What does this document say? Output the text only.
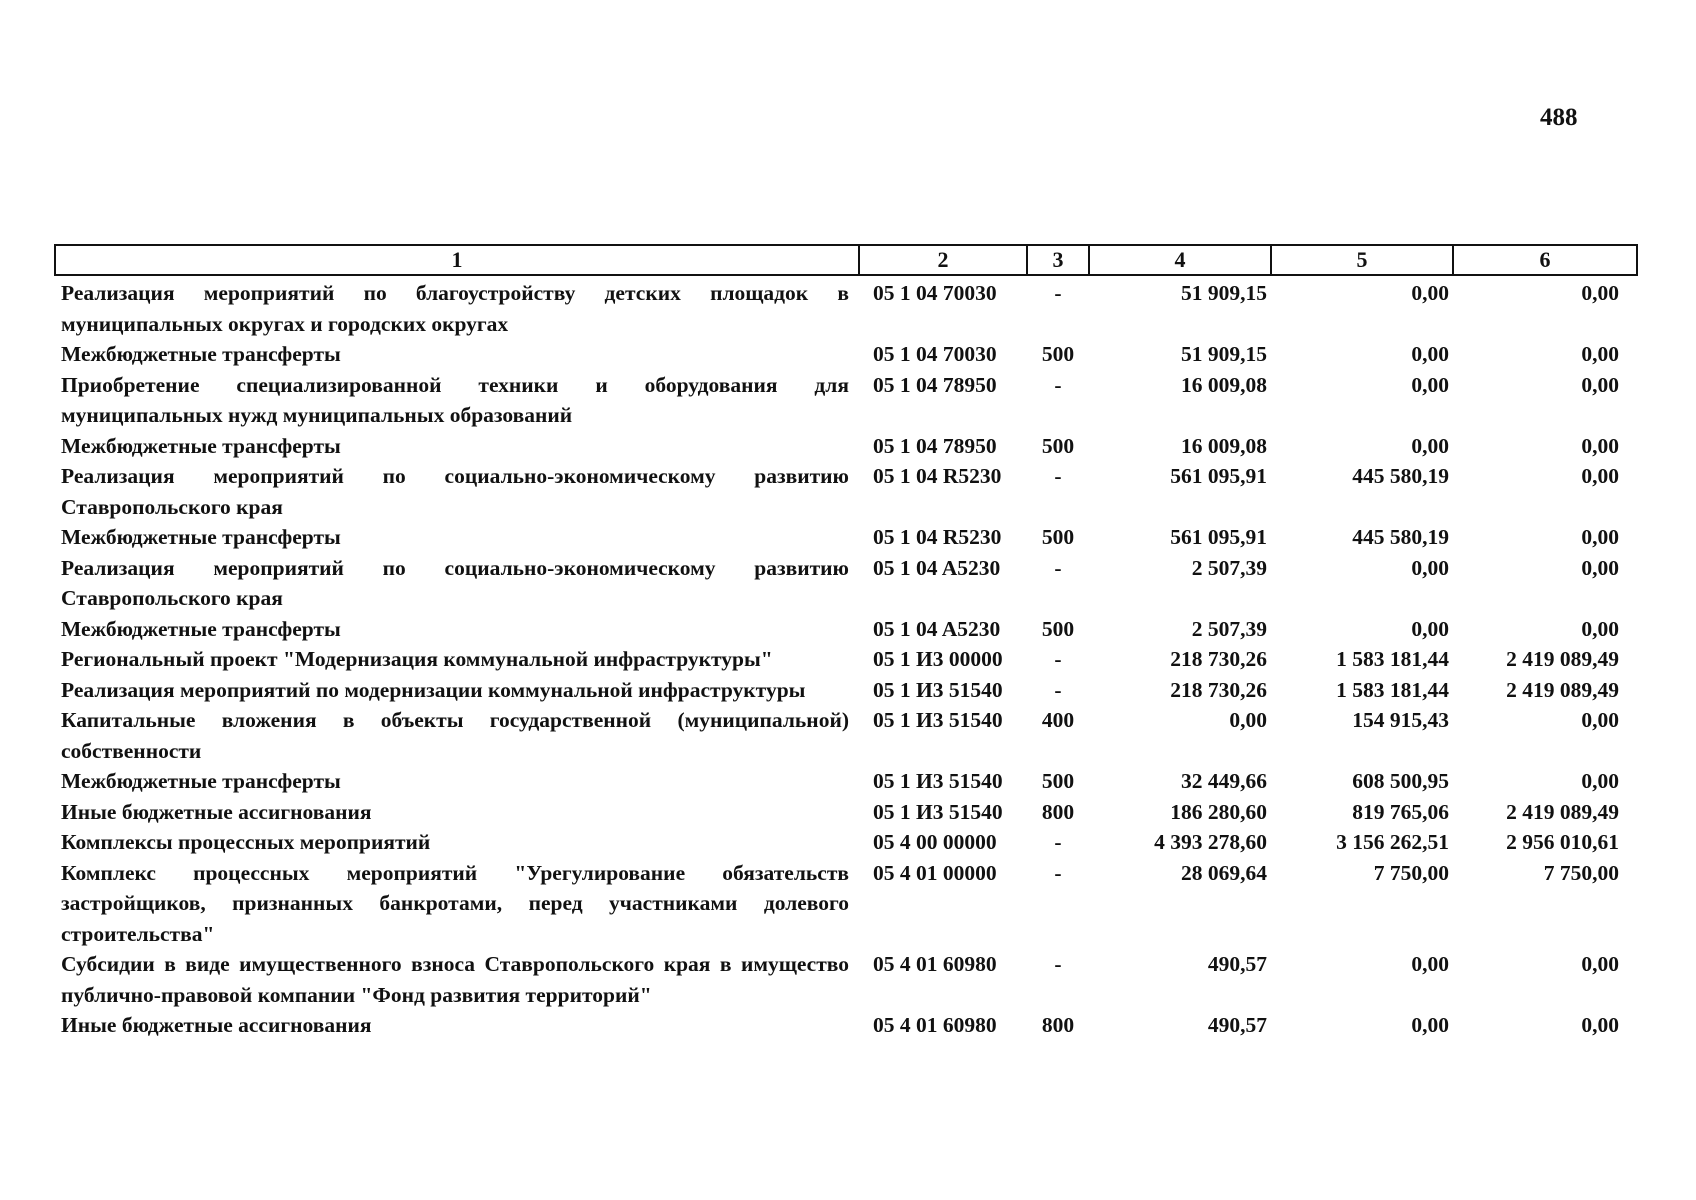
488
1	2	3	4	5	6
Реализация мероприятий по благоустройству детских площадок в муниципальных округах и городских округах	05 1 04 70030	-	51 909,15	0,00	0,00
Межбюджетные трансферты	05 1 04 70030	500	51 909,15	0,00	0,00
Приобретение специализированной техники и оборудования для муниципальных нужд муниципальных образований	05 1 04 78950	-	16 009,08	0,00	0,00
Межбюджетные трансферты	05 1 04 78950	500	16 009,08	0,00	0,00
Реализация мероприятий по социально-экономическому развитию Ставропольского края	05 1 04 R5230	-	561 095,91	445 580,19	0,00
Межбюджетные трансферты	05 1 04 R5230	500	561 095,91	445 580,19	0,00
Реализация мероприятий по социально-экономическому развитию Ставропольского края	05 1 04 A5230	-	2 507,39	0,00	0,00
Межбюджетные трансферты	05 1 04 A5230	500	2 507,39	0,00	0,00
Региональный проект "Модернизация коммунальной инфраструктуры"	05 1 И3 00000	-	218 730,26	1 583 181,44	2 419 089,49
Реализация мероприятий по модернизации коммунальной инфраструктуры	05 1 И3 51540	-	218 730,26	1 583 181,44	2 419 089,49
Капитальные вложения в объекты государственной (муниципальной) собственности	05 1 И3 51540	400	0,00	154 915,43	0,00
Межбюджетные трансферты	05 1 И3 51540	500	32 449,66	608 500,95	0,00
Иные бюджетные ассигнования	05 1 И3 51540	800	186 280,60	819 765,06	2 419 089,49
Комплексы процессных мероприятий	05 4 00 00000	-	4 393 278,60	3 156 262,51	2 956 010,61
Комплекс процессных мероприятий "Урегулирование обязательств застройщиков, признанных банкротами, перед участниками долевого строительства"	05 4 01 00000	-	28 069,64	7 750,00	7 750,00
Субсидии в виде имущественного взноса Ставропольского края в имущество публично-правовой компании "Фонд развития территорий"	05 4 01 60980	-	490,57	0,00	0,00
Иные бюджетные ассигнования	05 4 01 60980	800	490,57	0,00	0,00
